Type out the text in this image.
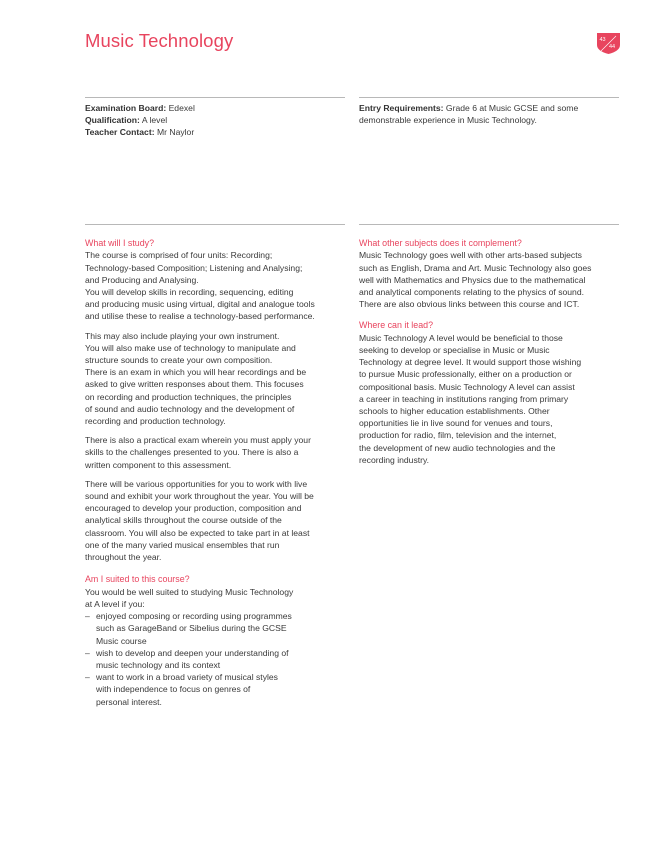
Music Technology	43
44
Examination Board: Edexel
Qualification: A level
Teacher Contact: Mr Naylor
Entry Requirements: Grade 6 at Music GCSE and some
demonstrable experience in Music Technology.
What will I study?

The course is comprised of four units: Recording;
Technology-based Composition; Listening and Analysing;
and Producing and Analysing.
You will develop skills in recording, sequencing, editing
and producing music using virtual, digital and analogue tools
and utilise these to realise a technology-based performance.

This may also include playing your own instrument.
You will also make use of technology to manipulate and
structure sounds to create your own composition.
There is an exam in which you will hear recordings and be
asked to give written responses about them. This focuses
on recording and production techniques, the principles
of sound and audio technology and the development of
recording and production technology.

There is also a practical exam wherein you must apply your
skills to the challenges presented to you. There is also a
written component to this assessment.

There will be various opportunities for you to work with live
sound and exhibit your work throughout the year. You will be
encouraged to develop your production, composition and
analytical skills throughout the course outside of the
classroom. You will also be expected to take part in at least
one of the many varied musical ensembles that run
throughout the year.

Am I suited to this course?
You would be well suited to studying Music Technology
at A level if you:
– enjoyed composing or recording using programmes
such as GarageBand or Sibelius during the GCSE
Music course
– wish to develop and deepen your understanding of
music technology and its context
– want to work in a broad variety of musical styles
with independence to focus on genres of
personal interest.
What other subjects does it complement?

Music Technology goes well with other arts-based subjects
such as English, Drama and Art. Music Technology also goes
well with Mathematics and Physics due to the mathematical
and analytical components relating to the physics of sound.
There are also obvious links between this course and ICT.

Where can it lead?

Music Technology A level would be beneficial to those
seeking to develop or specialise in Music or Music
Technology at degree level. It would support those wishing
to pursue Music professionally, either on a production or
compositional basis. Music Technology A level can assist
a career in teaching in institutions ranging from primary
schools to higher education establishments. Other
opportunities lie in live sound for venues and tours,
production for radio, film, television and the internet,
the development of new audio technologies and the
recording industry.
